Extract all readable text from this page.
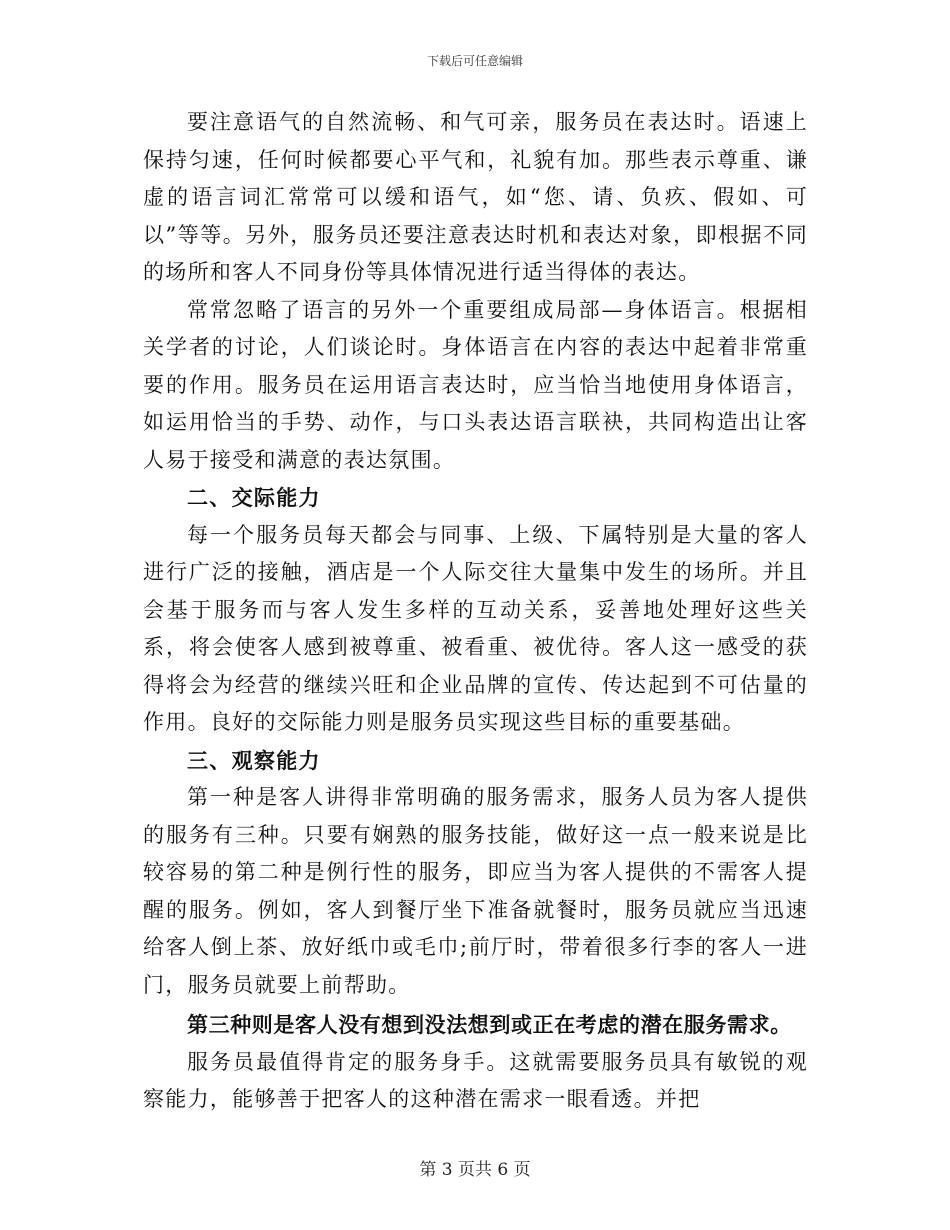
下载后可任意编辑

要注意语气的自然流畅、和气可亲，服务员在表达时。语速上保持匀速，任何时候都要心平气和，礼貌有加。那些表示尊重、谦虚的语言词汇常常可以缓和语气，如“您、请、负疚、假如、可以”等等。另外，服务员还要注意表达时机和表达对象，即根据不同的场所和客人不同身份等具体情况进行适当得体的表达。

常常忽略了语言的另外一个重要组成局部—身体语言。根据相关学者的讨论，人们谈论时。身体语言在内容的表达中起着非常重要的作用。服务员在运用语言表达时，应当恰当地使用身体语言，如运用恰当的手势、动作，与口头表达语言联袂，共同构造出让客人易于接受和满意的表达氛围。

二、交际能力

每一个服务员每天都会与同事、上级、下属特别是大量的客人进行广泛的接触，酒店是一个人际交往大量集中发生的场所。并且会基于服务而与客人发生多样的互动关系，妥善地处理好这些关系，将会使客人感到被尊重、被看重、被优待。客人这一感受的获得将会为经营的继续兴旺和企业品牌的宣传、传达起到不可估量的作用。良好的交际能力则是服务员实现这些目标的重要基础。

三、观察能力

第一种是客人讲得非常明确的服务需求，服务人员为客人提供的服务有三种。只要有娴熟的服务技能，做好这一点一般来说是比较容易的第二种是例行性的服务，即应当为客人提供的不需客人提醒的服务。例如，客人到餐厅坐下准备就餐时，服务员就应当迅速给客人倒上茶、放好纸巾或毛巾;前厅时，带着很多行李的客人一进门，服务员就要上前帮助。

第三种则是客人没有想到没法想到或正在考虑的潜在服务需求。

服务员最值得肯定的服务身手。这就需要服务员具有敏锐的观察能力，能够善于把客人的这种潜在需求一眼看透。并把

第 3 页共 6 页
